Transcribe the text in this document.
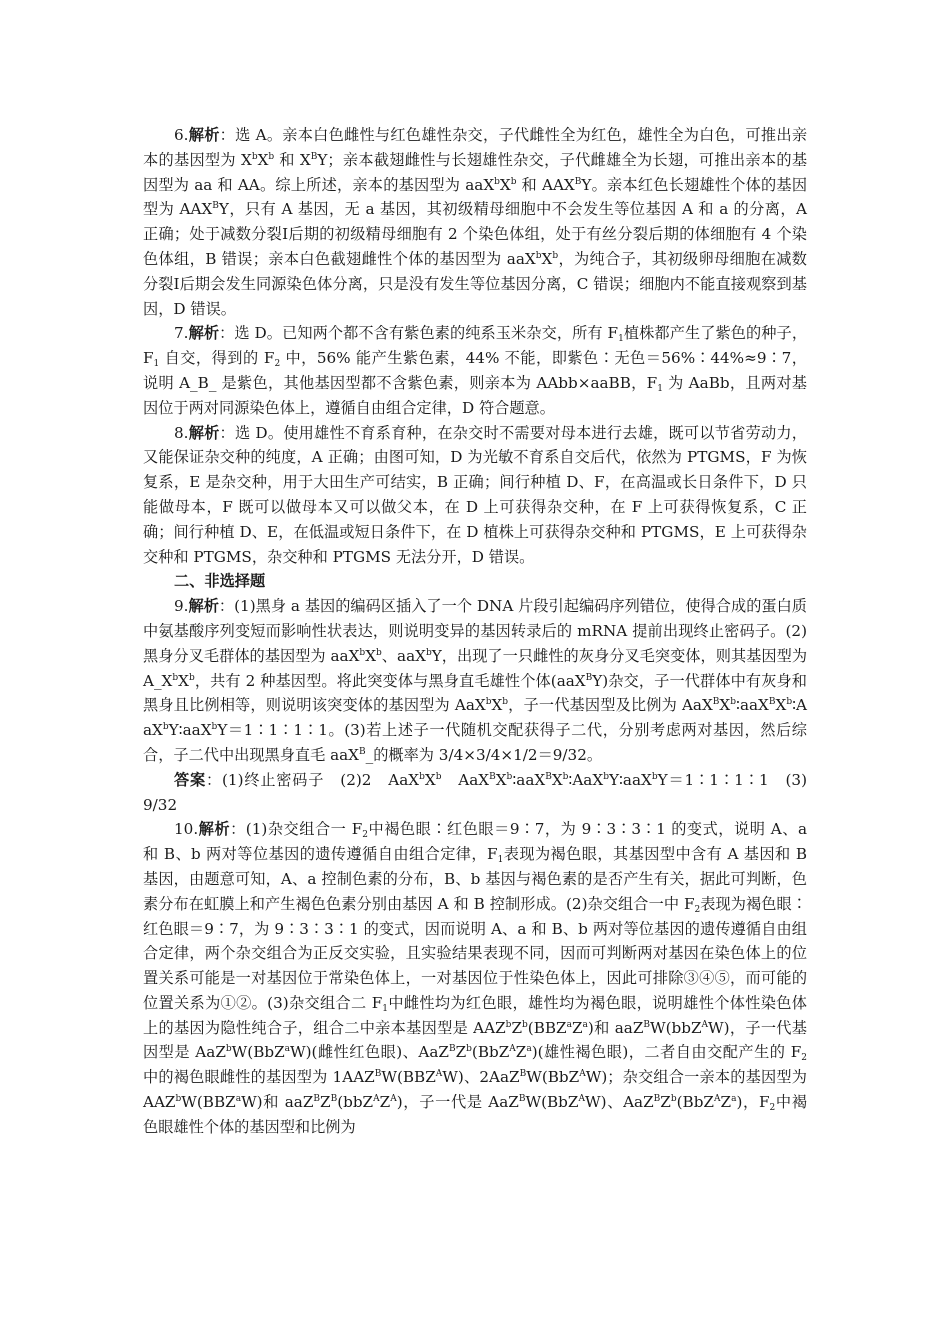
6.解析：选 A。亲本白色雌性与红色雄性杂交，子代雌性全为红色，雄性全为白色，可推出亲本的基因型为 $X^bX^b$ 和 $X^BY$；亲本截翅雌性与长翅雄性杂交，子代雌雄全为长翅，可推出亲本的基因型为 aa 和 AA。综上所述，亲本的基因型为 $aaX^bX^b$ 和 $AAX^BY$。亲本红色长翅雄性个体的基因型为 $AAX^BY$，只有 A 基因，无 a 基因，其初级精母细胞中不会发生等位基因 A 和 a 的分离，A 正确；处于减数分裂Ⅰ后期的初级精母细胞有 2 个染色体组，处于有丝分裂后期的体细胞有 4 个染色体组，B 错误；亲本白色截翅雌性个体的基因型为 $aaX^bX^b$，为纯合子，其初级卵母细胞在减数分裂Ⅰ后期会发生同源染色体分离，只是没有发生等位基因分离，C 错误；细胞内不能直接观察到基因，D 错误。

7.解析：选 D。已知两个都不含有紫色素的纯系玉米杂交，所有 $F_1$植株都产生了紫色的种子，$F_1$ 自交，得到的 $F_2$ 中，56% 能产生紫色素，44% 不能，即紫色∶无色＝56%∶44%≈9∶7，说明 A_B_ 是紫色，其他基因型都不含紫色素，则亲本为 AAbb×aaBB，$F_1$ 为 AaBb，且两对基因位于两对同源染色体上，遵循自由组合定律，D 符合题意。

8.解析：选 D。使用雄性不育系育种，在杂交时不需要对母本进行去雄，既可以节省劳动力，又能保证杂交种的纯度，A 正确；由图可知，D 为光敏不育系自交后代，依然为 PTGMS，F 为恢复系，E 是杂交种，用于大田生产可结实，B 正确；间行种植 D、F，在高温或长日条件下，D 只能做母本，F 既可以做母本又可以做父本，在 D 上可获得杂交种，在 F 上可获得恢复系，C 正确；间行种植 D、E，在低温或短日条件下，在 D 植株上可获得杂交种和 PTGMS，E 上可获得杂交种和 PTGMS，杂交种和 PTGMS 无法分开，D 错误。

二、非选择题

9.解析：(1)黑身 a 基因的编码区插入了一个 DNA 片段引起编码序列错位，使得合成的蛋白质中氨基酸序列变短而影响性状表达，则说明变异的基因转录后的 mRNA 提前出现终止密码子。(2)黑身分叉毛群体的基因型为 $aaX^bX^b$、aaX$^b$Y，出现了一只雌性的灰身分叉毛突变体，则其基因型为 $A\_X^bX^b$，共有 2 种基因型。将此突变体与黑身直毛雄性个体(aaX$^B$Y)杂交，子一代群体中有灰身和黑身且比例相等，则说明该突变体的基因型为 $AaX^bX^b$，子一代基因型及比例为 $AaX^BX^b∶aaX^BX^b∶AaX^bY∶aaX^bY=1∶1∶1∶1$。(3)若上述子一代随机交配获得子二代，分别考虑两对基因，然后综合，子二代中出现黑身直毛 aaX$^B$_的概率为 3/4×3/4×1/2＝9/32。

答案：(1)终止密码子　(2)2　$AaX^bX^b$　$AaX^BX^b∶aaX^BX^b∶AaX^bY∶aaX^bY=1∶1∶1∶1$　(3)9/32

10.解析：(1)杂交组合一 $F_2$中褐色眼∶红色眼＝9∶7，为 9∶3∶3∶1 的变式，说明 A、a 和 B、b 两对等位基因的遗传遵循自由组合定律，$F_1$表现为褐色眼，其基因型中含有 A 基因和 B 基因，由题意可知，A、a 控制色素的分布，B、b 基因与褐色素的是否产生有关，据此可判断，色素分布在虹膜上和产生褐色色素分别由基因 A 和 B 控制形成。(2)杂交组合一中 $F_2$表现为褐色眼∶红色眼＝9∶7，为 9∶3∶3∶1 的变式，因而说明 A、a 和 B、b 两对等位基因的遗传遵循自由组合定律，两个杂交组合为正反交实验，且实验结果表现不同，因而可判断两对基因在染色体上的位置关系可能是一对基因位于常染色体上，一对基因位于性染色体上，因此可排除③④⑤，而可能的位置关系为①②。(3)杂交组合二 $F_1$中雌性均为红色眼，雄性均为褐色眼，说明雄性个体性染色体上的基因为隐性纯合子，组合二中亲本基因型是 $AAZ^bZ^b(BBZ^aZ^a)$和 aaZ$^B$W(bbZ$^A$W)，子一代基因型是 AaZ$^b$W(BbZ$^a$W)(雌性红色眼)、$AaZ^BZ^b(BbZ^AZ^a)$(雄性褐色眼)，二者自由交配产生的 $F_2$中的褐色眼雌性的基因型为 $1AAZ^BW(BBZ^AW)$、2AaZ$^B$W(BbZ$^A$W)；杂交组合一亲本的基因型为 AAZ$^b$W(BBZ$^a$W)和 $aaZ^BZ^B(bbZ^AZ^A)$，子一代是 AaZ$^B$W(BbZ$^A$W)、$AaZ^BZ^b(BbZ^AZ^a)$，$F_2$中褐色眼雄性个体的基因型和比例为
